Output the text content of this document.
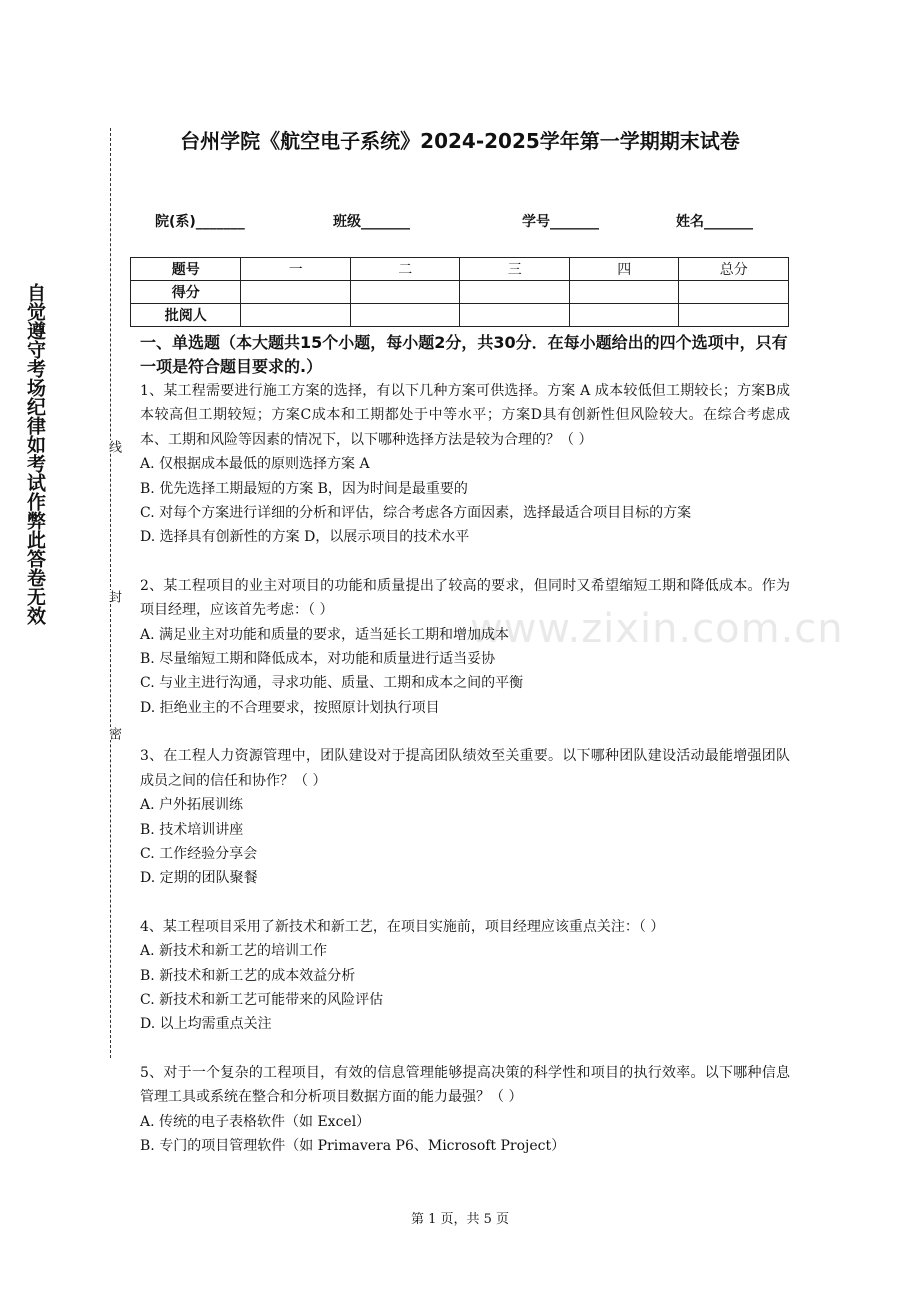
自觉遵守考场纪律如考试作弊此答卷无效	线
封
密
台州学院《航空电子系统》2024-2025学年第一学期期末试卷
院(系)_______	班级_______	学号_______	姓名_______
题号	一	二	三	四	总分
得分					
批阅人					
www.zixin.com.cn
一、单选题（本大题共15个小题，每小题2分，共30分．在每小题给出的四个选项中，只有一项是符合题目要求的.）
1、某工程需要进行施工方案的选择，有以下几种方案可供选择。方案 A 成本较低但工期较长；方案B成本较高但工期较短；方案C成本和工期都处于中等水平；方案D具有创新性但风险较大。在综合考虑成本、工期和风险等因素的情况下，以下哪种选择方法是较为合理的？（ ）
A. 仅根据成本最低的原则选择方案 A
B. 优先选择工期最短的方案 B，因为时间是最重要的
C. 对每个方案进行详细的分析和评估，综合考虑各方面因素，选择最适合项目目标的方案
D. 选择具有创新性的方案 D，以展示项目的技术水平
2、某工程项目的业主对项目的功能和质量提出了较高的要求，但同时又希望缩短工期和降低成本。作为项目经理，应该首先考虑：（ ）
A. 满足业主对功能和质量的要求，适当延长工期和增加成本
B. 尽量缩短工期和降低成本，对功能和质量进行适当妥协
C. 与业主进行沟通，寻求功能、质量、工期和成本之间的平衡
D. 拒绝业主的不合理要求，按照原计划执行项目
3、在工程人力资源管理中，团队建设对于提高团队绩效至关重要。以下哪种团队建设活动最能增强团队成员之间的信任和协作？（ ）
A. 户外拓展训练
B. 技术培训讲座
C. 工作经验分享会
D. 定期的团队聚餐
4、某工程项目采用了新技术和新工艺，在项目实施前，项目经理应该重点关注：（ ）
A. 新技术和新工艺的培训工作
B. 新技术和新工艺的成本效益分析
C. 新技术和新工艺可能带来的风险评估
D. 以上均需重点关注
5、对于一个复杂的工程项目，有效的信息管理能够提高决策的科学性和项目的执行效率。以下哪种信息管理工具或系统在整合和分析项目数据方面的能力最强？（ ）
A. 传统的电子表格软件（如 Excel）
B. 专门的项目管理软件（如 Primavera P6、Microsoft Project）
第 1 页，共 5 页
